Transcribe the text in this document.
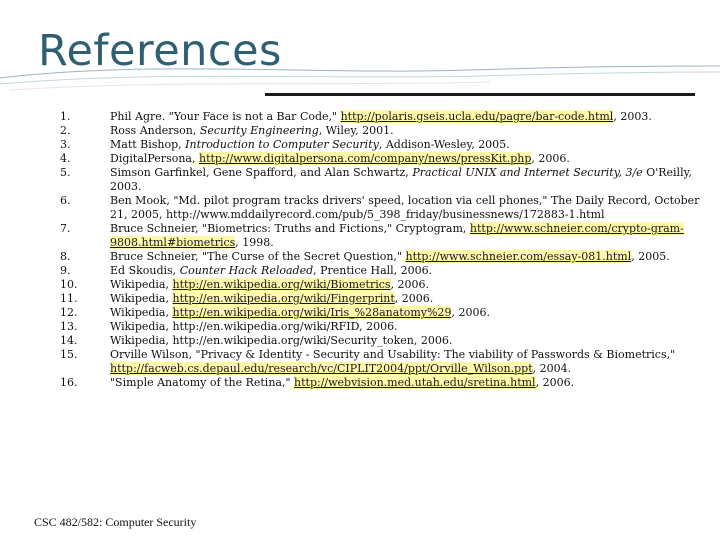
References
1.	Phil Agre. "Your Face is not a Bar Code," http://polaris.gseis.ucla.edu/pagre/bar-code.html, 2003.
2.	Ross Anderson, Security Engineering, Wiley, 2001.
3.	Matt Bishop, Introduction to Computer Security, Addison-Wesley, 2005.
4.	DigitalPersona, http://www.digitalpersona.com/company/news/pressKit.php, 2006.
5.	Simson Garfinkel, Gene Spafford, and Alan Schwartz, Practical UNIX and Internet Security, 3/e O'Reilly, 2003.
6.	Ben Mook, "Md. pilot program tracks drivers' speed, location via cell phones," The Daily Record, October 21, 2005, http://www.mddailyrecord.com/pub/5_398_friday/businessnews/172883-1.html
7.	Bruce Schneier, "Biometrics: Truths and Fictions," Cryptogram, http://www.schneier.com/crypto-gram-9808.html#biometrics, 1998.
8.	Bruce Schneier, "The Curse of the Secret Question," http://www.schneier.com/essay-081.html, 2005.
9.	Ed Skoudis, Counter Hack Reloaded, Prentice Hall, 2006.
10.	Wikipedia, http://en.wikipedia.org/wiki/Biometrics, 2006.
11.	Wikipedia, http://en.wikipedia.org/wiki/Fingerprint, 2006.
12.	Wikipedia, http://en.wikipedia.org/wiki/Iris_%28anatomy%29, 2006.
13.	Wikipedia, http://en.wikipedia.org/wiki/RFID, 2006.
14.	Wikipedia, http://en.wikipedia.org/wiki/Security_token, 2006.
15.	Orville Wilson, "Privacy & Identity - Security and Usability: The viability of Passwords & Biometrics," http://facweb.cs.depaul.edu/research/vc/CIPLIT2004/ppt/Orville_Wilson.ppt, 2004.
16.	"Simple Anatomy of the Retina," http://webvision.med.utah.edu/sretina.html, 2006.
CSC 482/582: Computer Security
